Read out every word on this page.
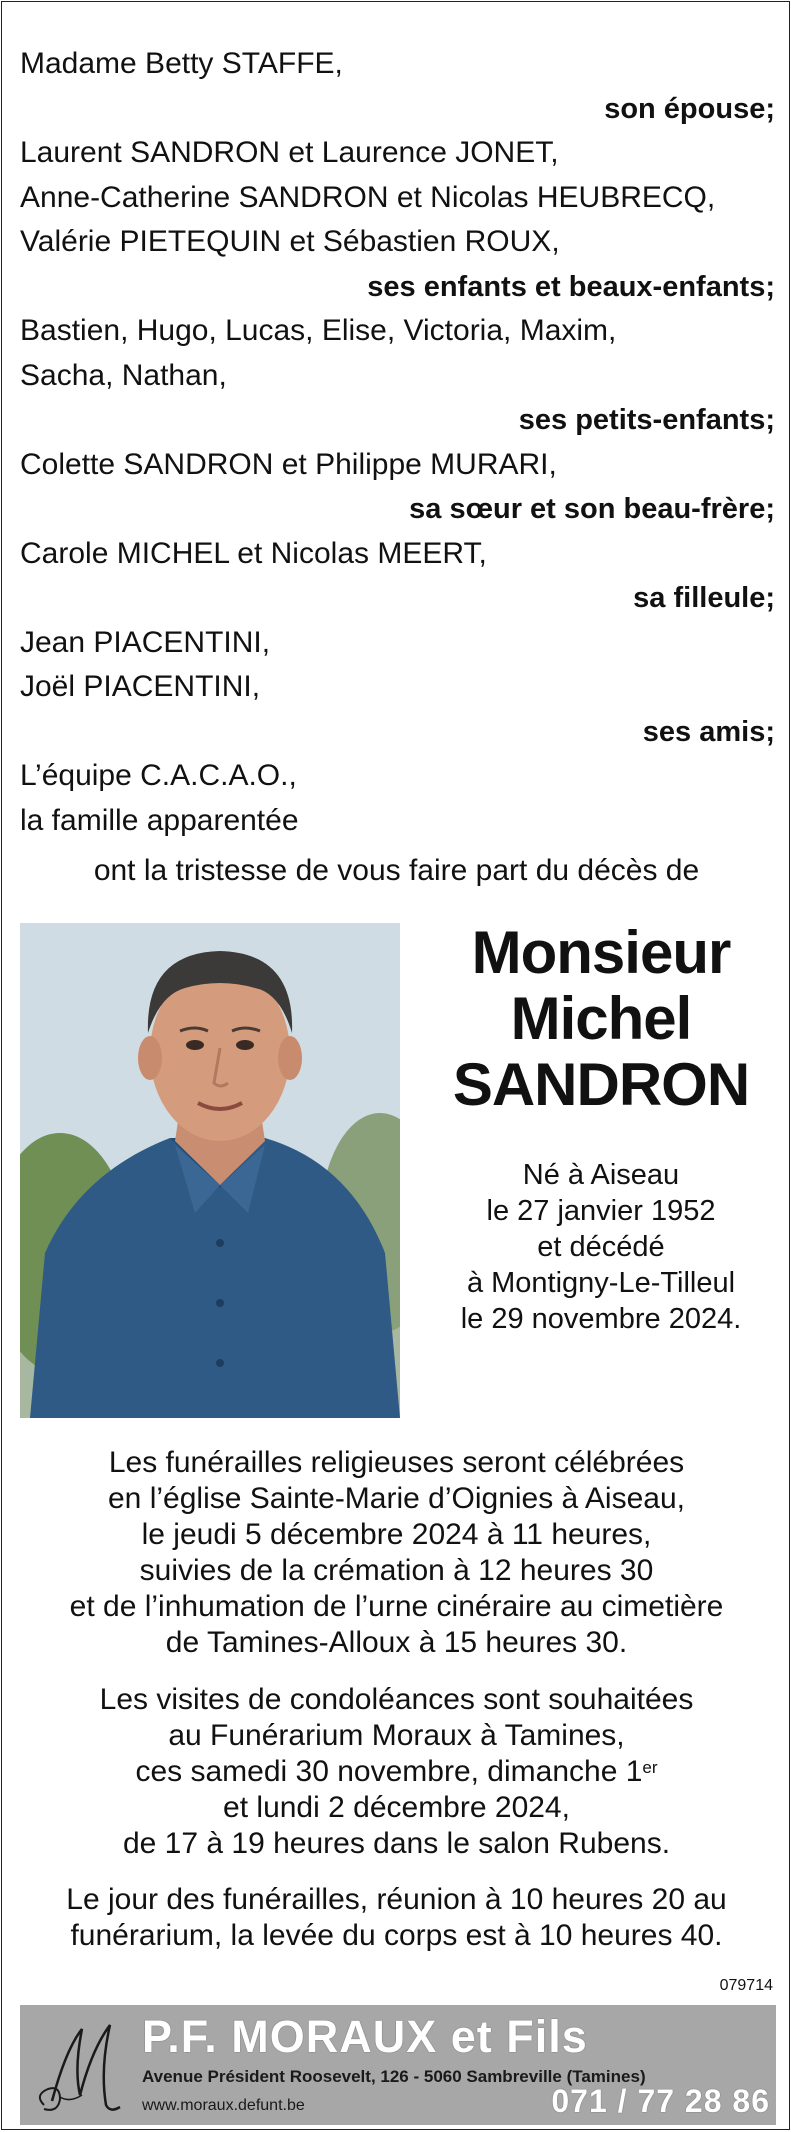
Madame Betty STAFFE,
son épouse;
Laurent SANDRON et Laurence JONET,
Anne-Catherine SANDRON et Nicolas HEUBRECQ,
Valérie PIETEQUIN et Sébastien ROUX,
ses enfants et beaux-enfants;
Bastien, Hugo, Lucas, Elise, Victoria, Maxim,
Sacha, Nathan,
ses petits-enfants;
Colette SANDRON et Philippe MURARI,
sa sœur et son beau-frère;
Carole MICHEL et Nicolas MEERT,
sa filleule;
Jean PIACENTINI,
Joël PIACENTINI,
ses amis;
L’équipe C.A.C.A.O.,
la famille apparentée
ont la tristesse de vous faire part du décès de
Monsieur
Michel
SANDRON
Né à Aiseau
le 27 janvier 1952
et décédé
à Montigny-Le-Tilleul
le 29 novembre 2024.
Les funérailles religieuses seront célébrées
en l’église Sainte-Marie d’Oignies à Aiseau,
le jeudi 5 décembre 2024 à 11 heures,
suivies de la crémation à 12 heures 30
et de l’inhumation de l’urne cinéraire au cimetière
de Tamines-Alloux à 15 heures 30.
Les visites de condoléances sont souhaitées
au Funérarium Moraux à Tamines,
ces samedi 30 novembre, dimanche 1er
et lundi 2 décembre 2024,
de 17 à 19 heures dans le salon Rubens.
Le jour des funérailles, réunion à 10 heures 20 au
funérarium, la levée du corps est à 10 heures 40.
079714
P.F. MORAUX et Fils
Avenue Président Roosevelt, 126 - 5060 Sambreville (Tamines)
www.moraux.defunt.be	071 / 77 28 86
